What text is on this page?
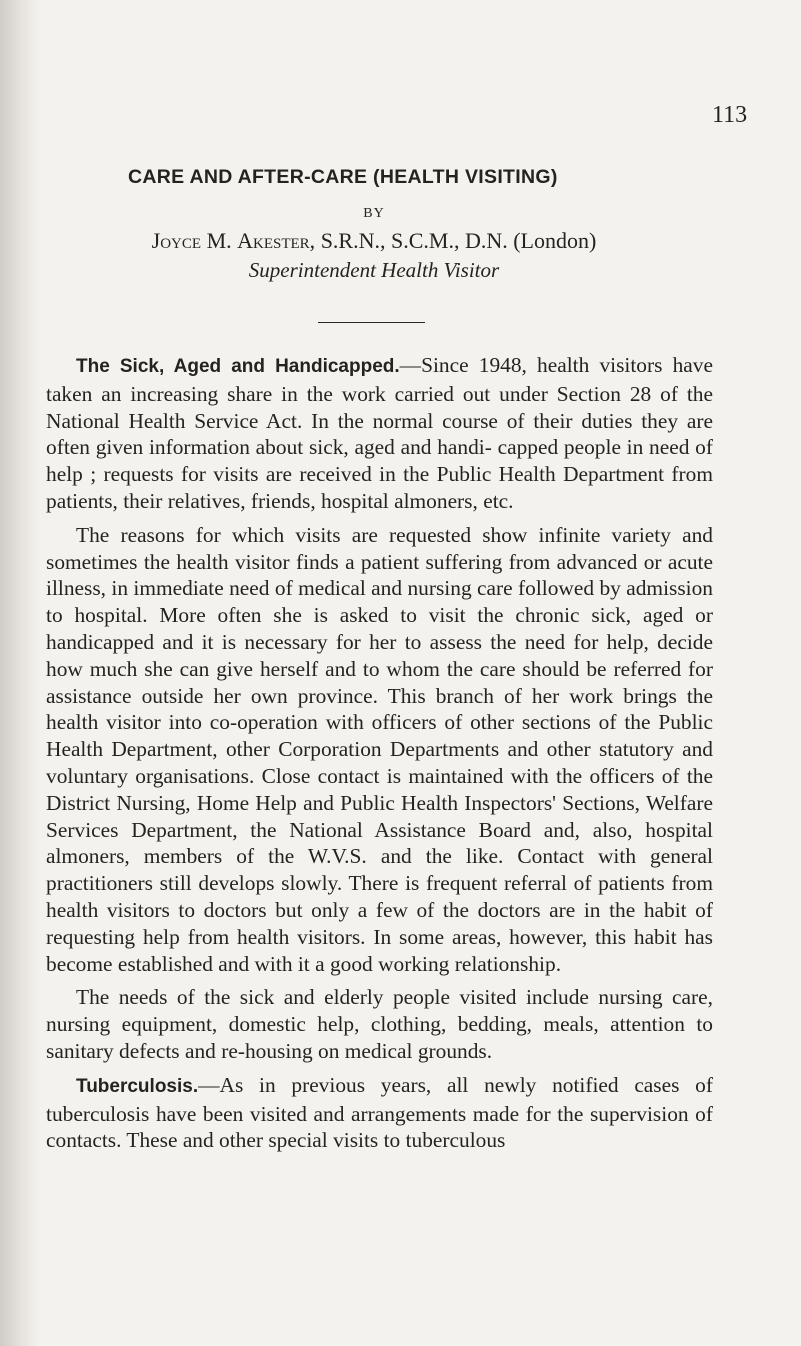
113
CARE AND AFTER-CARE (HEALTH VISITING)
BY
Joyce M. Akester, S.R.N., S.C.M., D.N. (London)
Superintendent Health Visitor

The Sick, Aged and Handicapped.—Since 1948, health visitors have taken an increasing share in the work carried out under Section 28 of the National Health Service Act. In the normal course of their duties they are often given information about sick, aged and handi- capped people in need of help ; requests for visits are received in the Public Health Department from patients, their relatives, friends, hospital almoners, etc.

The reasons for which visits are requested show infinite variety and sometimes the health visitor finds a patient suffering from advanced or acute illness, in immediate need of medical and nursing care followed by admission to hospital. More often she is asked to visit the chronic sick, aged or handicapped and it is necessary for her to assess the need for help, decide how much she can give herself and to whom the care should be referred for assistance outside her own province. This branch of her work brings the health visitor into co-operation with officers of other sections of the Public Health Department, other Corporation Departments and other statutory and voluntary organisations. Close contact is maintained with the officers of the District Nursing, Home Help and Public Health Inspectors' Sections, Welfare Services Department, the National Assistance Board and, also, hospital almoners, members of the W.V.S. and the like. Contact with general practitioners still develops slowly. There is frequent referral of patients from health visitors to doctors but only a few of the doctors are in the habit of requesting help from health visitors. In some areas, however, this habit has become established and with it a good working relationship.

The needs of the sick and elderly people visited include nursing care, nursing equipment, domestic help, clothing, bedding, meals, attention to sanitary defects and re-housing on medical grounds.

Tuberculosis.—As in previous years, all newly notified cases of tuberculosis have been visited and arrangements made for the supervision of contacts. These and other special visits to tuberculous
